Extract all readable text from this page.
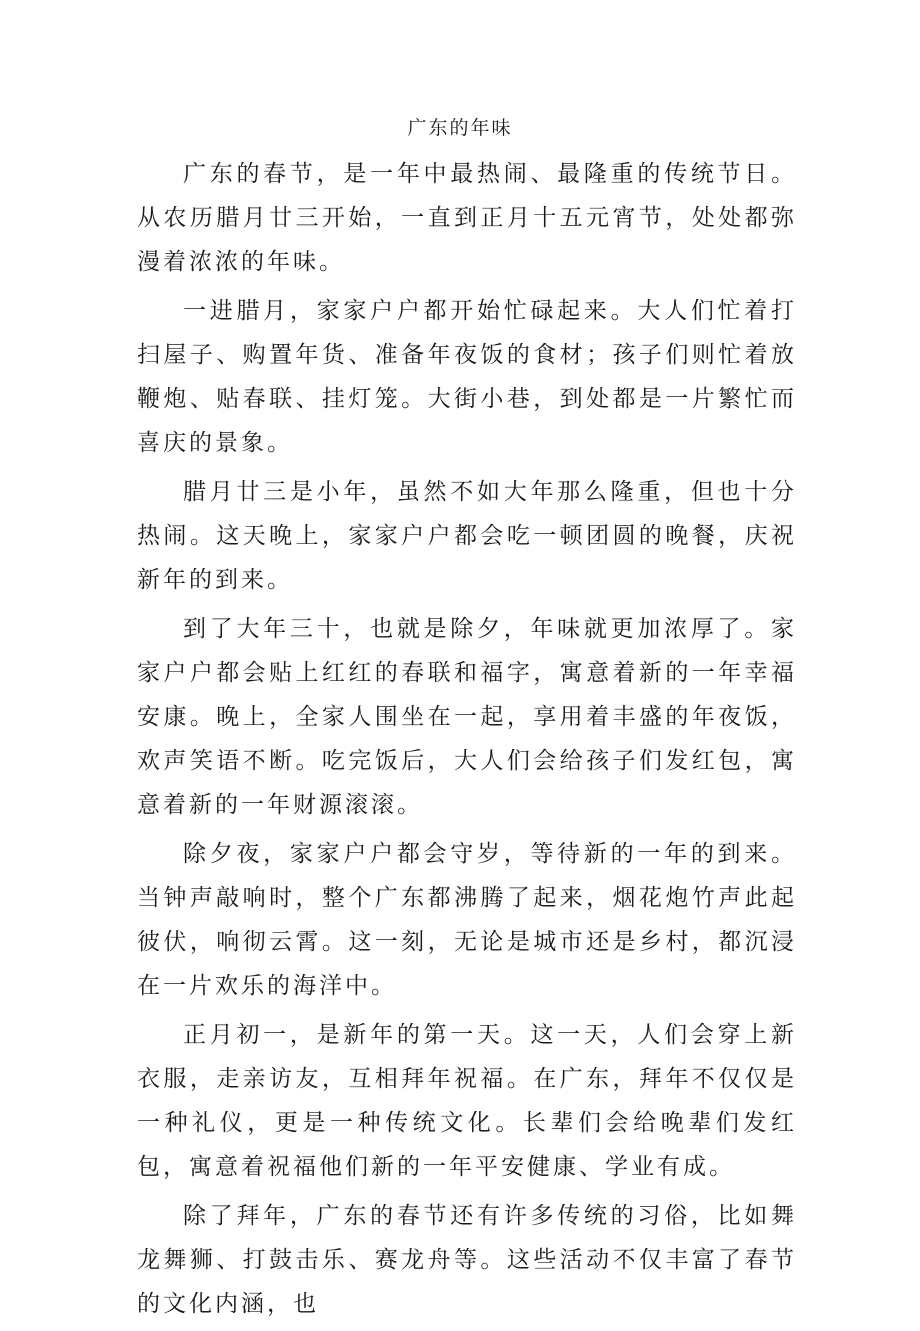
广东的年味

广东的春节，是一年中最热闹、最隆重的传统节日。从农历腊月廿三开始，一直到正月十五元宵节，处处都弥漫着浓浓的年味。

一进腊月，家家户户都开始忙碌起来。大人们忙着打扫屋子、购置年货、准备年夜饭的食材；孩子们则忙着放鞭炮、贴春联、挂灯笼。大街小巷，到处都是一片繁忙而喜庆的景象。

腊月廿三是小年，虽然不如大年那么隆重，但也十分热闹。这天晚上，家家户户都会吃一顿团圆的晚餐，庆祝新年的到来。

到了大年三十，也就是除夕，年味就更加浓厚了。家家户户都会贴上红红的春联和福字，寓意着新的一年幸福安康。晚上，全家人围坐在一起，享用着丰盛的年夜饭，欢声笑语不断。吃完饭后，大人们会给孩子们发红包，寓意着新的一年财源滚滚。

除夕夜，家家户户都会守岁，等待新的一年的到来。当钟声敲响时，整个广东都沸腾了起来，烟花炮竹声此起彼伏，响彻云霄。这一刻，无论是城市还是乡村，都沉浸在一片欢乐的海洋中。

正月初一，是新年的第一天。这一天，人们会穿上新衣服，走亲访友，互相拜年祝福。在广东，拜年不仅仅是一种礼仪，更是一种传统文化。长辈们会给晚辈们发红包，寓意着祝福他们新的一年平安健康、学业有成。

除了拜年，广东的春节还有许多传统的习俗，比如舞龙舞狮、打鼓击乐、赛龙舟等。这些活动不仅丰富了春节的文化内涵，也
